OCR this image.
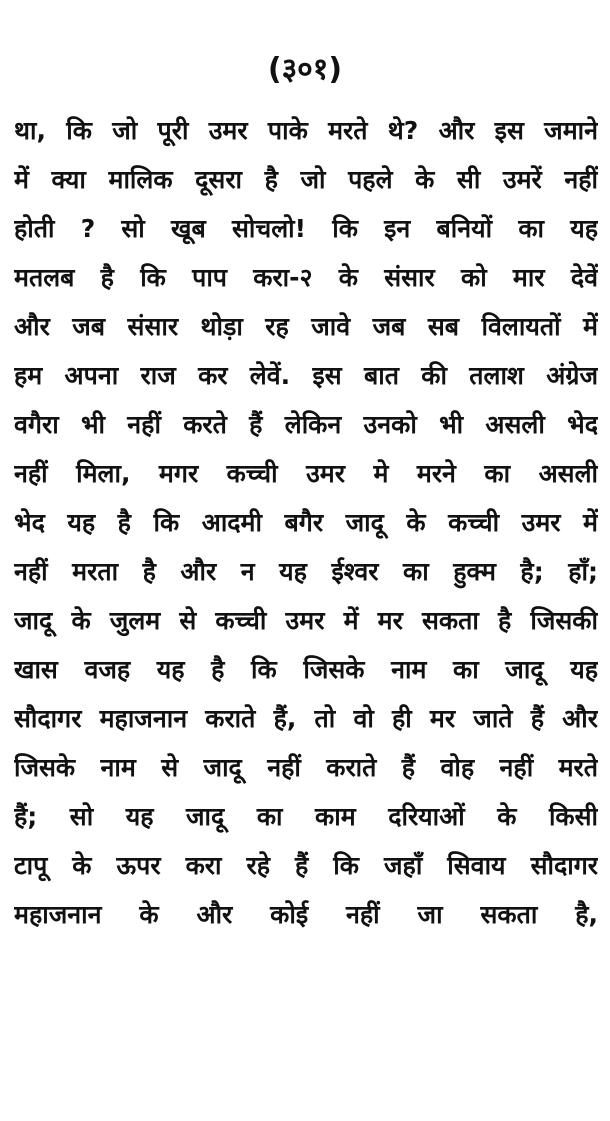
(३०१)
था, कि जो पूरी उमर पाके मरते थे? और इस जमाने
में क्या मालिक दूसरा है जो पहले के सी उमरें नहीं
होती ? सो खूब सोचलो! कि इन बनियों का यह
मतलब है कि पाप करा-२ के संसार को मार देवें
और जब संसार थोड़ा रह जावे जब सब विलायतों में
हम अपना राज कर लेवें. इस बात की तलाश अंग्रेज
वगैरा भी नहीं करते हैं लेकिन उनको भी असली भेद
नहीं मिला, मगर कच्ची उमर मे मरने का असली
भेद यह है कि आदमी बगैर जादू के कच्ची उमर में
नहीं मरता है और न यह ईश्वर का हुक्म है; हाँ;
जादू के जुलम से कच्ची उमर में मर सकता है जिसकी
खास वजह यह है कि जिसके नाम का जादू यह
सौदागर महाजनान कराते हैं, तो वो ही मर जाते हैं और
जिसके नाम से जादू नहीं कराते हैं वोह नहीं मरते
हैं; सो यह जादू का काम दरियाओं के किसी
टापू के ऊपर करा रहे हैं कि जहाँ सिवाय सौदागर
महाजनान के और कोई नहीं जा सकता है,
